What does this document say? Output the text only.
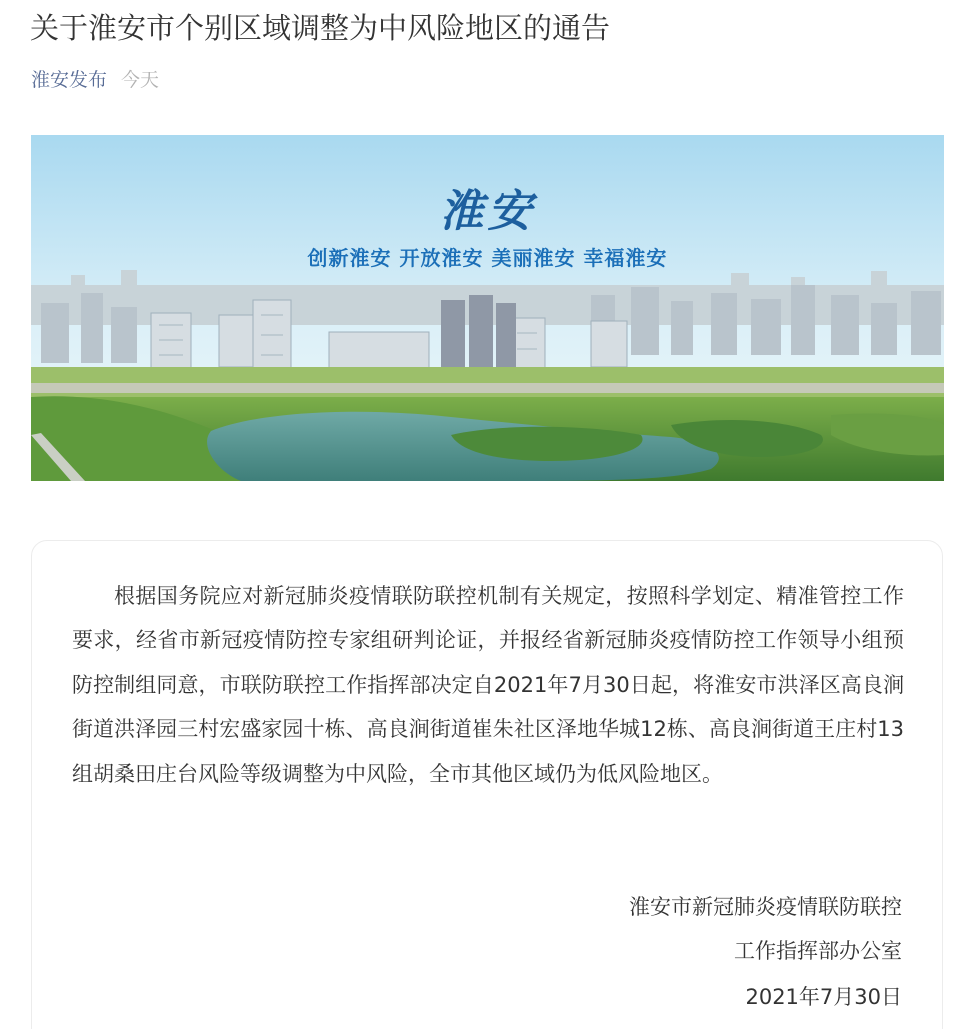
关于淮安市个别区域调整为中风险地区的通告
淮安发布 今天
淮安
创新淮安 开放淮安 美丽淮安 幸福淮安

根据国务院应对新冠肺炎疫情联防联控机制有关规定，按照科学划定、精准管控工作要求，经省市新冠疫情防控专家组研判论证，并报经省新冠肺炎疫情防控工作领导小组预防控制组同意，市联防联控工作指挥部决定自2021年7月30日起，将淮安市洪泽区高良涧街道洪泽园三村宏盛家园十栋、高良涧街道崔朱社区泽地华城12栋、高良涧街道王庄村13组胡桑田庄台风险等级调整为中风险，全市其他区域仍为低风险地区。

淮安市新冠肺炎疫情联防联控
工作指挥部办公室
2021年7月30日
